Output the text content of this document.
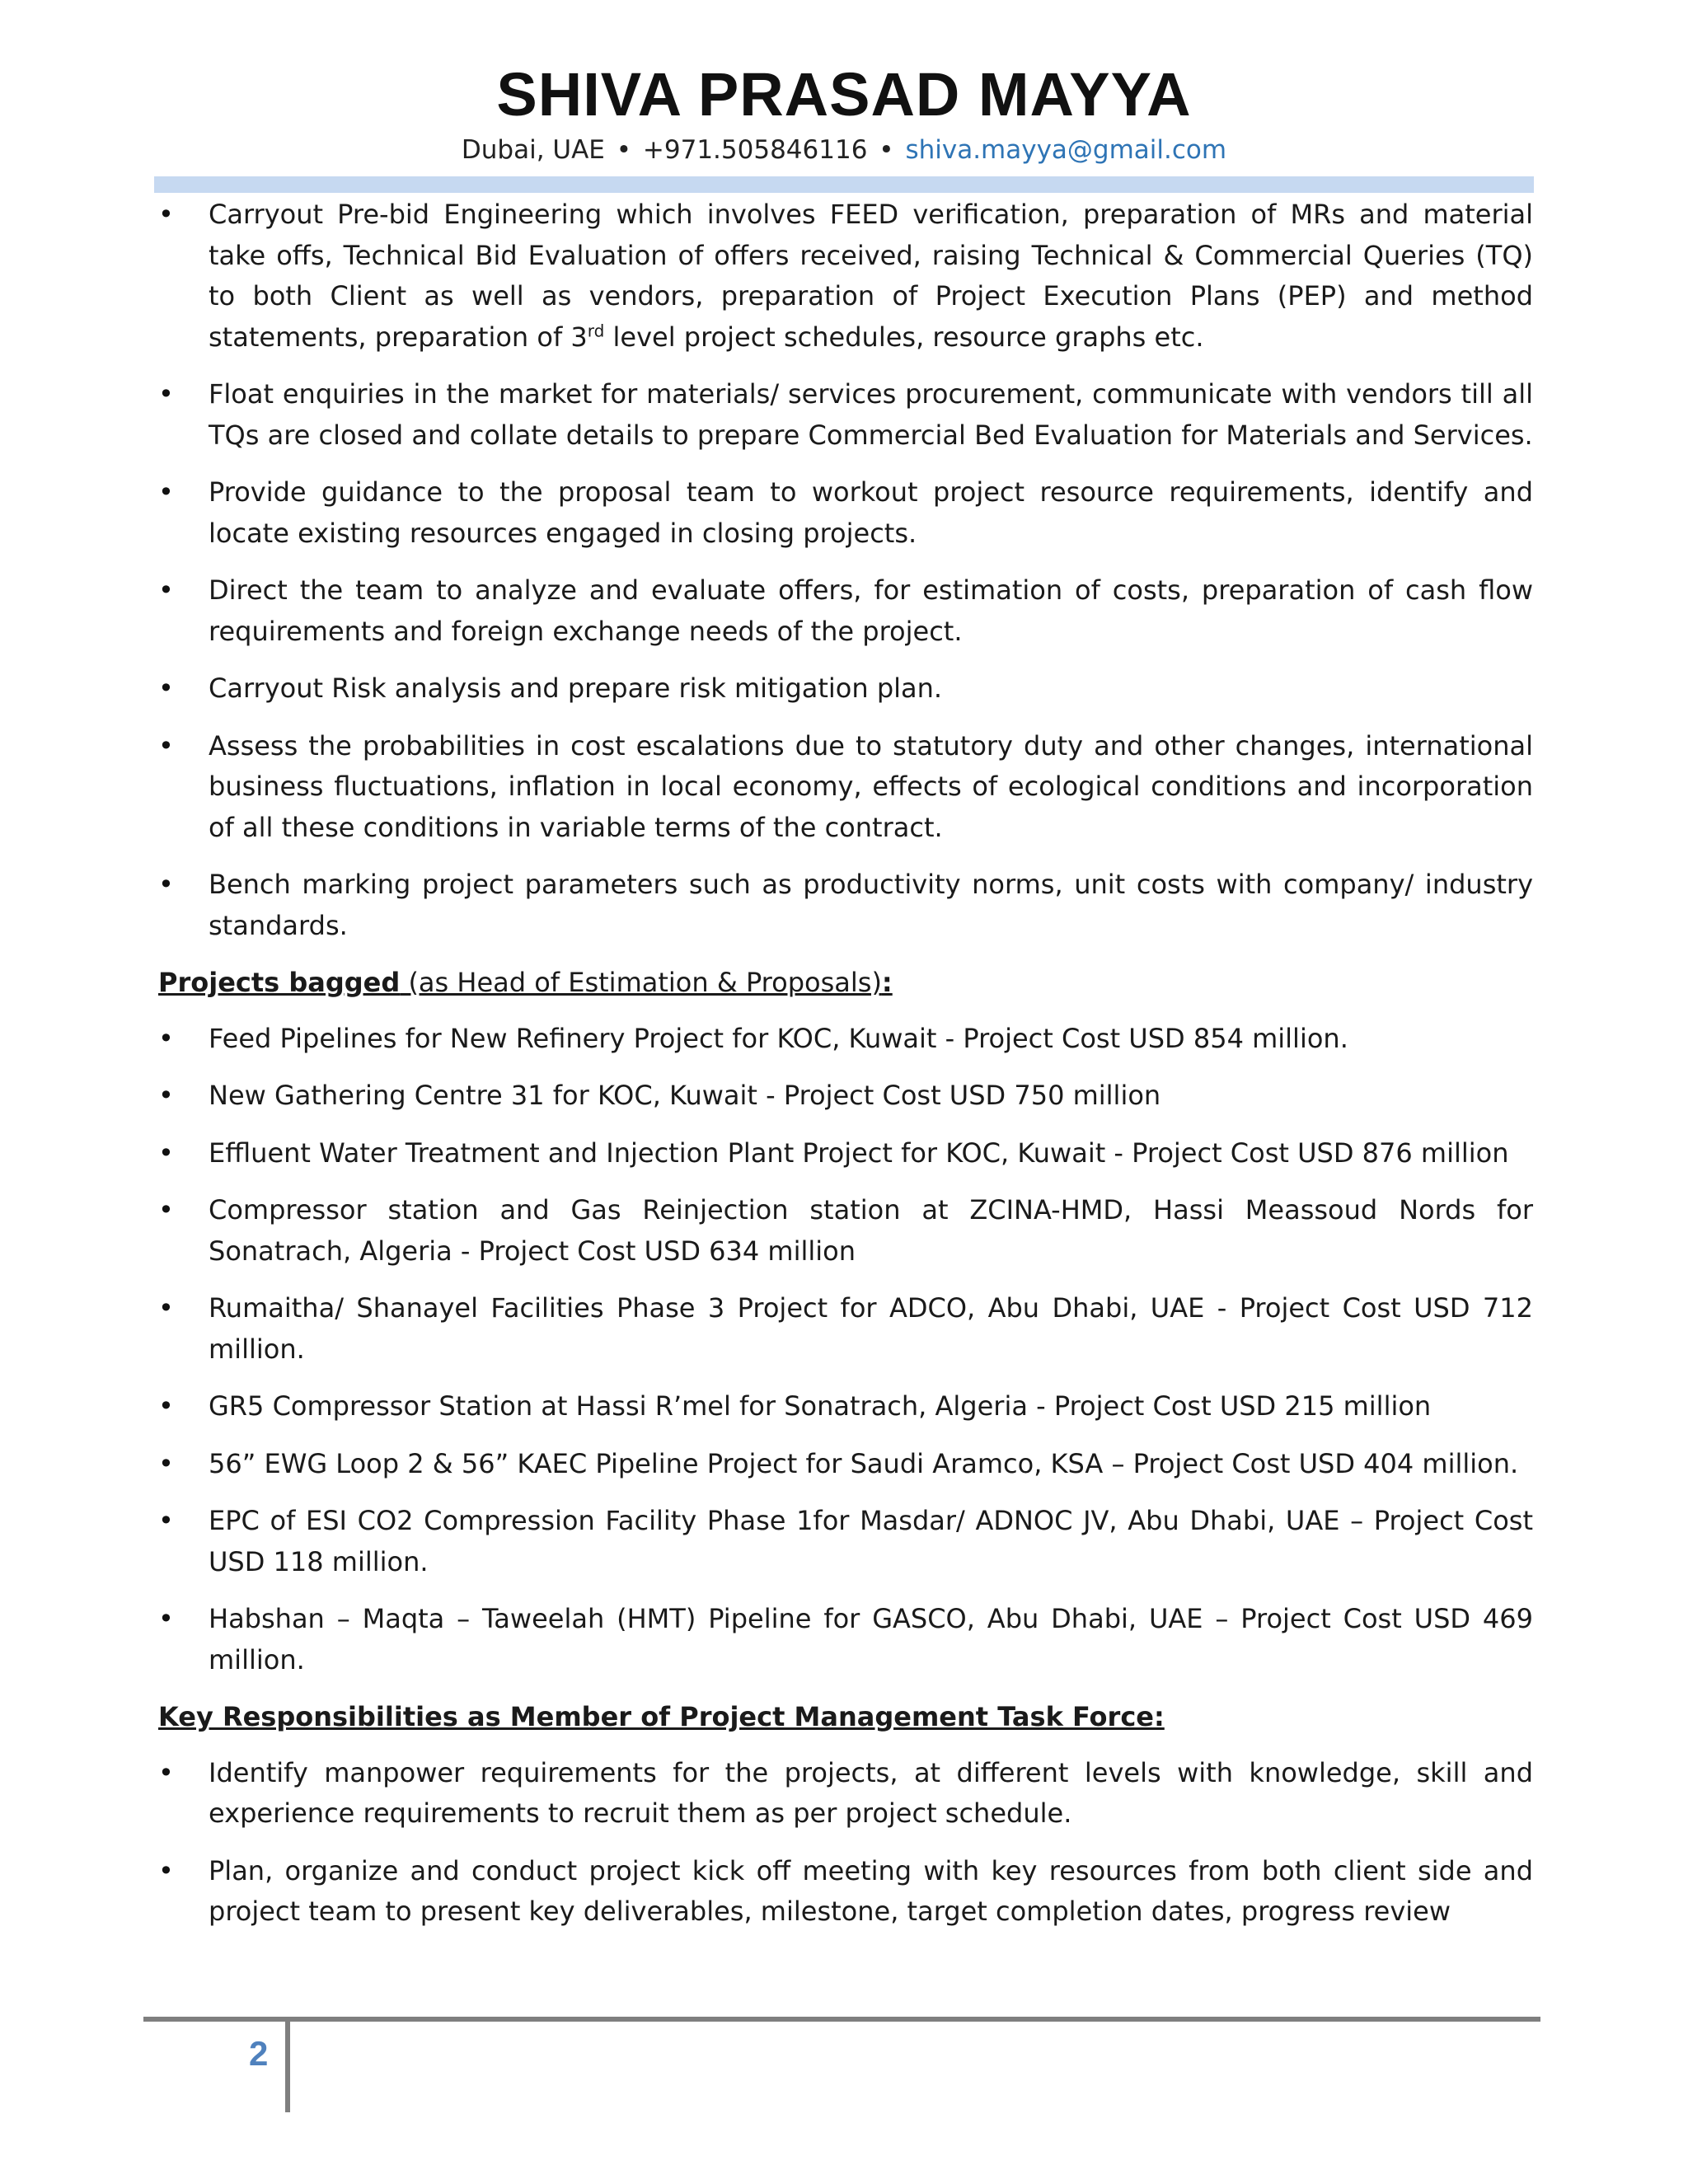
SHIVA PRASAD MAYYA
Dubai, UAE • +971.505846116 • shiva.mayya@gmail.com
• Carryout Pre-bid Engineering which involves FEED verification, preparation of MRs and material take offs, Technical Bid Evaluation of offers received, raising Technical & Commercial Queries (TQ) to both Client as well as vendors, preparation of Project Execution Plans (PEP) and method statements, preparation of 3rd level project schedules, resource graphs etc.
• Float enquiries in the market for materials/ services procurement, communicate with vendors till all TQs are closed and collate details to prepare Commercial Bed Evaluation for Materials and Services.
• Provide guidance to the proposal team to workout project resource requirements, identify and locate existing resources engaged in closing projects.
• Direct the team to analyze and evaluate offers, for estimation of costs, preparation of cash flow requirements and foreign exchange needs of the project.
• Carryout Risk analysis and prepare risk mitigation plan.
• Assess the probabilities in cost escalations due to statutory duty and other changes, international business fluctuations, inflation in local economy, effects of ecological conditions and incorporation of all these conditions in variable terms of the contract.
• Bench marking project parameters such as productivity norms, unit costs with company/ industry standards.
Projects bagged (as Head of Estimation & Proposals):
• Feed Pipelines for New Refinery Project for KOC, Kuwait - Project Cost USD 854 million.
• New Gathering Centre 31 for KOC, Kuwait - Project Cost USD 750 million
• Effluent Water Treatment and Injection Plant Project for KOC, Kuwait - Project Cost USD 876 million
• Compressor station and Gas Reinjection station at ZCINA-HMD, Hassi Meassoud Nords for Sonatrach, Algeria - Project Cost USD 634 million
• Rumaitha/ Shanayel Facilities Phase 3 Project for ADCO, Abu Dhabi, UAE - Project Cost USD 712 million.
• GR5 Compressor Station at Hassi R’mel for Sonatrach, Algeria - Project Cost USD 215 million
• 56” EWG Loop 2 & 56” KAEC Pipeline Project for Saudi Aramco, KSA – Project Cost USD 404 million.
• EPC of ESI CO2 Compression Facility Phase 1for Masdar/ ADNOC JV, Abu Dhabi, UAE – Project Cost USD 118 million.
• Habshan – Maqta – Taweelah (HMT) Pipeline for GASCO, Abu Dhabi, UAE – Project Cost USD 469 million.
Key Responsibilities as Member of Project Management Task Force:
• Identify manpower requirements for the projects, at different levels with knowledge, skill and experience requirements to recruit them as per project schedule.
• Plan, organize and conduct project kick off meeting with key resources from both client side and project team to present key deliverables, milestone, target completion dates, progress review
2
